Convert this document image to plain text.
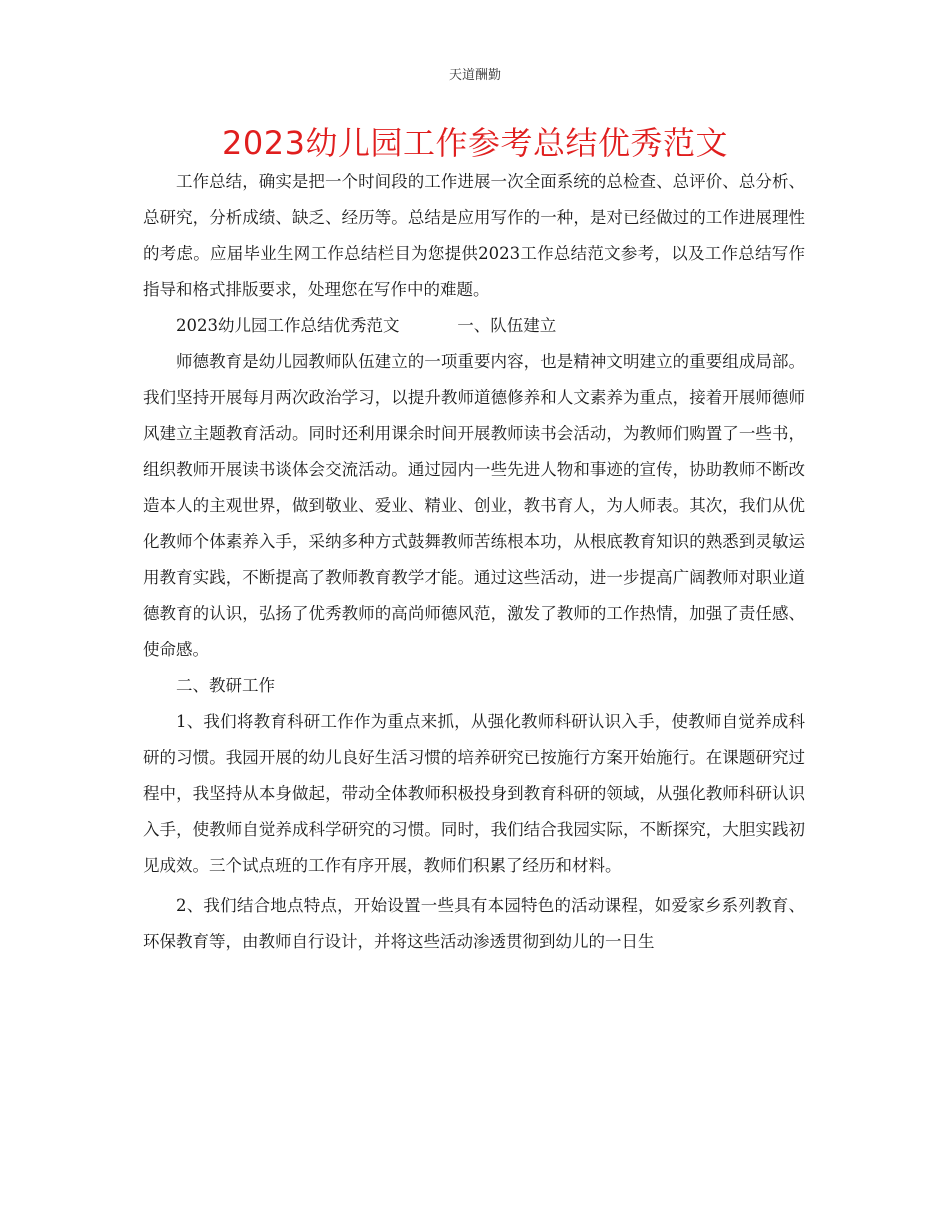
天道酬勤
2023幼儿园工作参考总结优秀范文

工作总结，确实是把一个时间段的工作进展一次全面系统的总检查、总评价、总分析、总研究，分析成绩、缺乏、经历等。总结是应用写作的一种，是对已经做过的工作进展理性的考虑。应届毕业生网工作总结栏目为您提供2023工作总结范文参考，以及工作总结写作指导和格式排版要求，处理您在写作中的难题。

2023幼儿园工作总结优秀范文	一、队伍建立

师德教育是幼儿园教师队伍建立的一项重要内容，也是精神文明建立的重要组成局部。我们坚持开展每月两次政治学习，以提升教师道德修养和人文素养为重点，接着开展师德师风建立主题教育活动。同时还利用课余时间开展教师读书会活动，为教师们购置了一些书，组织教师开展读书谈体会交流活动。通过园内一些先进人物和事迹的宣传，协助教师不断改造本人的主观世界，做到敬业、爱业、精业、创业，教书育人，为人师表。其次，我们从优化教师个体素养入手，采纳多种方式鼓舞教师苦练根本功，从根底教育知识的熟悉到灵敏运用教育实践，不断提高了教师教育教学才能。通过这些活动，进一步提高广阔教师对职业道德教育的认识，弘扬了优秀教师的高尚师德风范，激发了教师的工作热情，加强了责任感、使命感。

二、教研工作

1、我们将教育科研工作作为重点来抓，从强化教师科研认识入手，使教师自觉养成科研的习惯。我园开展的幼儿良好生活习惯的培养研究已按施行方案开始施行。在课题研究过程中，我坚持从本身做起，带动全体教师积极投身到教育科研的领域，从强化教师科研认识入手，使教师自觉养成科学研究的习惯。同时，我们结合我园实际，不断探究，大胆实践初见成效。三个试点班的工作有序开展，教师们积累了经历和材料。

2、我们结合地点特点，开始设置一些具有本园特色的活动课程，如爱家乡系列教育、环保教育等，由教师自行设计，并将这些活动渗透贯彻到幼儿的一日生
